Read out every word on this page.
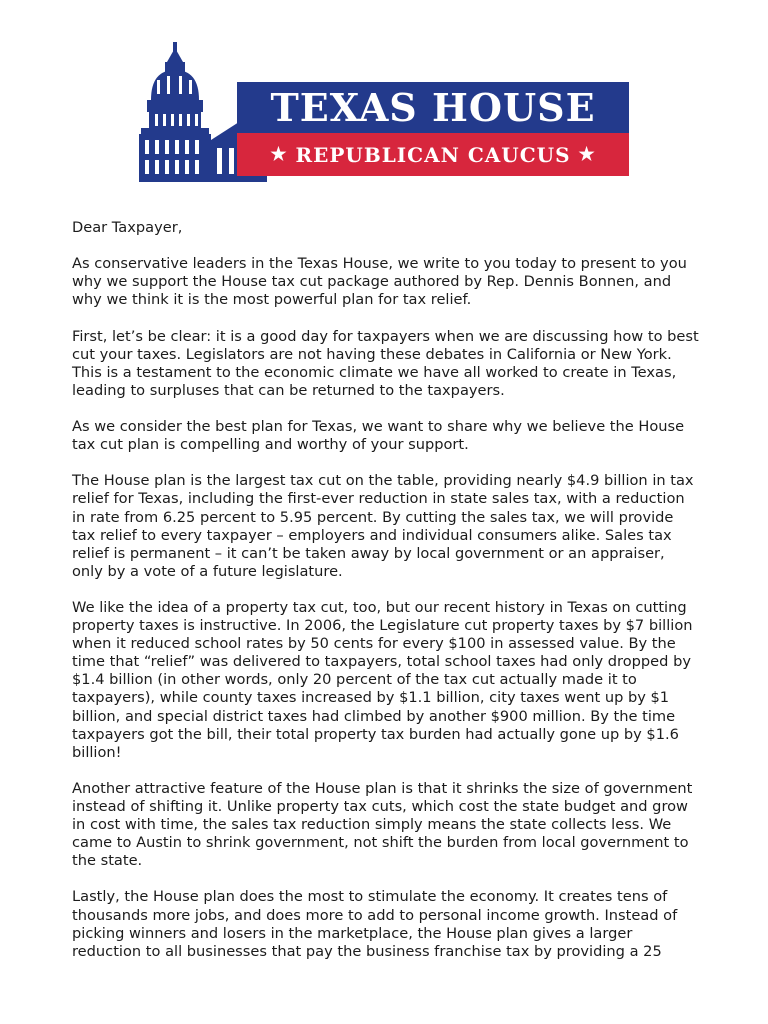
TEXAS HOUSE
★ REPUBLICAN CAUCUS ★

Dear Taxpayer,

As conservative leaders in the Texas House, we write to you today to present to you why we support the House tax cut package authored by Rep. Dennis Bonnen, and why we think it is the most powerful plan for tax relief.

First, let’s be clear: it is a good day for taxpayers when we are discussing how to best cut your taxes. Legislators are not having these debates in California or New York. This is a testament to the economic climate we have all worked to create in Texas, leading to surpluses that can be returned to the taxpayers.

As we consider the best plan for Texas, we want to share why we believe the House tax cut plan is compelling and worthy of your support.

The House plan is the largest tax cut on the table, providing nearly $4.9 billion in tax relief for Texas, including the first-ever reduction in state sales tax, with a reduction in rate from 6.25 percent to 5.95 percent. By cutting the sales tax, we will provide tax relief to every taxpayer – employers and individual consumers alike. Sales tax relief is permanent – it can’t be taken away by local government or an appraiser, only by a vote of a future legislature.

We like the idea of a property tax cut, too, but our recent history in Texas on cutting property taxes is instructive. In 2006, the Legislature cut property taxes by $7 billion when it reduced school rates by 50 cents for every $100 in assessed value. By the time that “relief” was delivered to taxpayers, total school taxes had only dropped by $1.4 billion (in other words, only 20 percent of the tax cut actually made it to taxpayers), while county taxes increased by $1.1 billion, city taxes went up by $1 billion, and special district taxes had climbed by another $900 million. By the time taxpayers got the bill, their total property tax burden had actually gone up by $1.6 billion!

Another attractive feature of the House plan is that it shrinks the size of government instead of shifting it. Unlike property tax cuts, which cost the state budget and grow in cost with time, the sales tax reduction simply means the state collects less. We came to Austin to shrink government, not shift the burden from local government to the state.

Lastly, the House plan does the most to stimulate the economy. It creates tens of thousands more jobs, and does more to add to personal income growth. Instead of picking winners and losers in the marketplace, the House plan gives a larger reduction to all businesses that pay the business franchise tax by providing a 25
